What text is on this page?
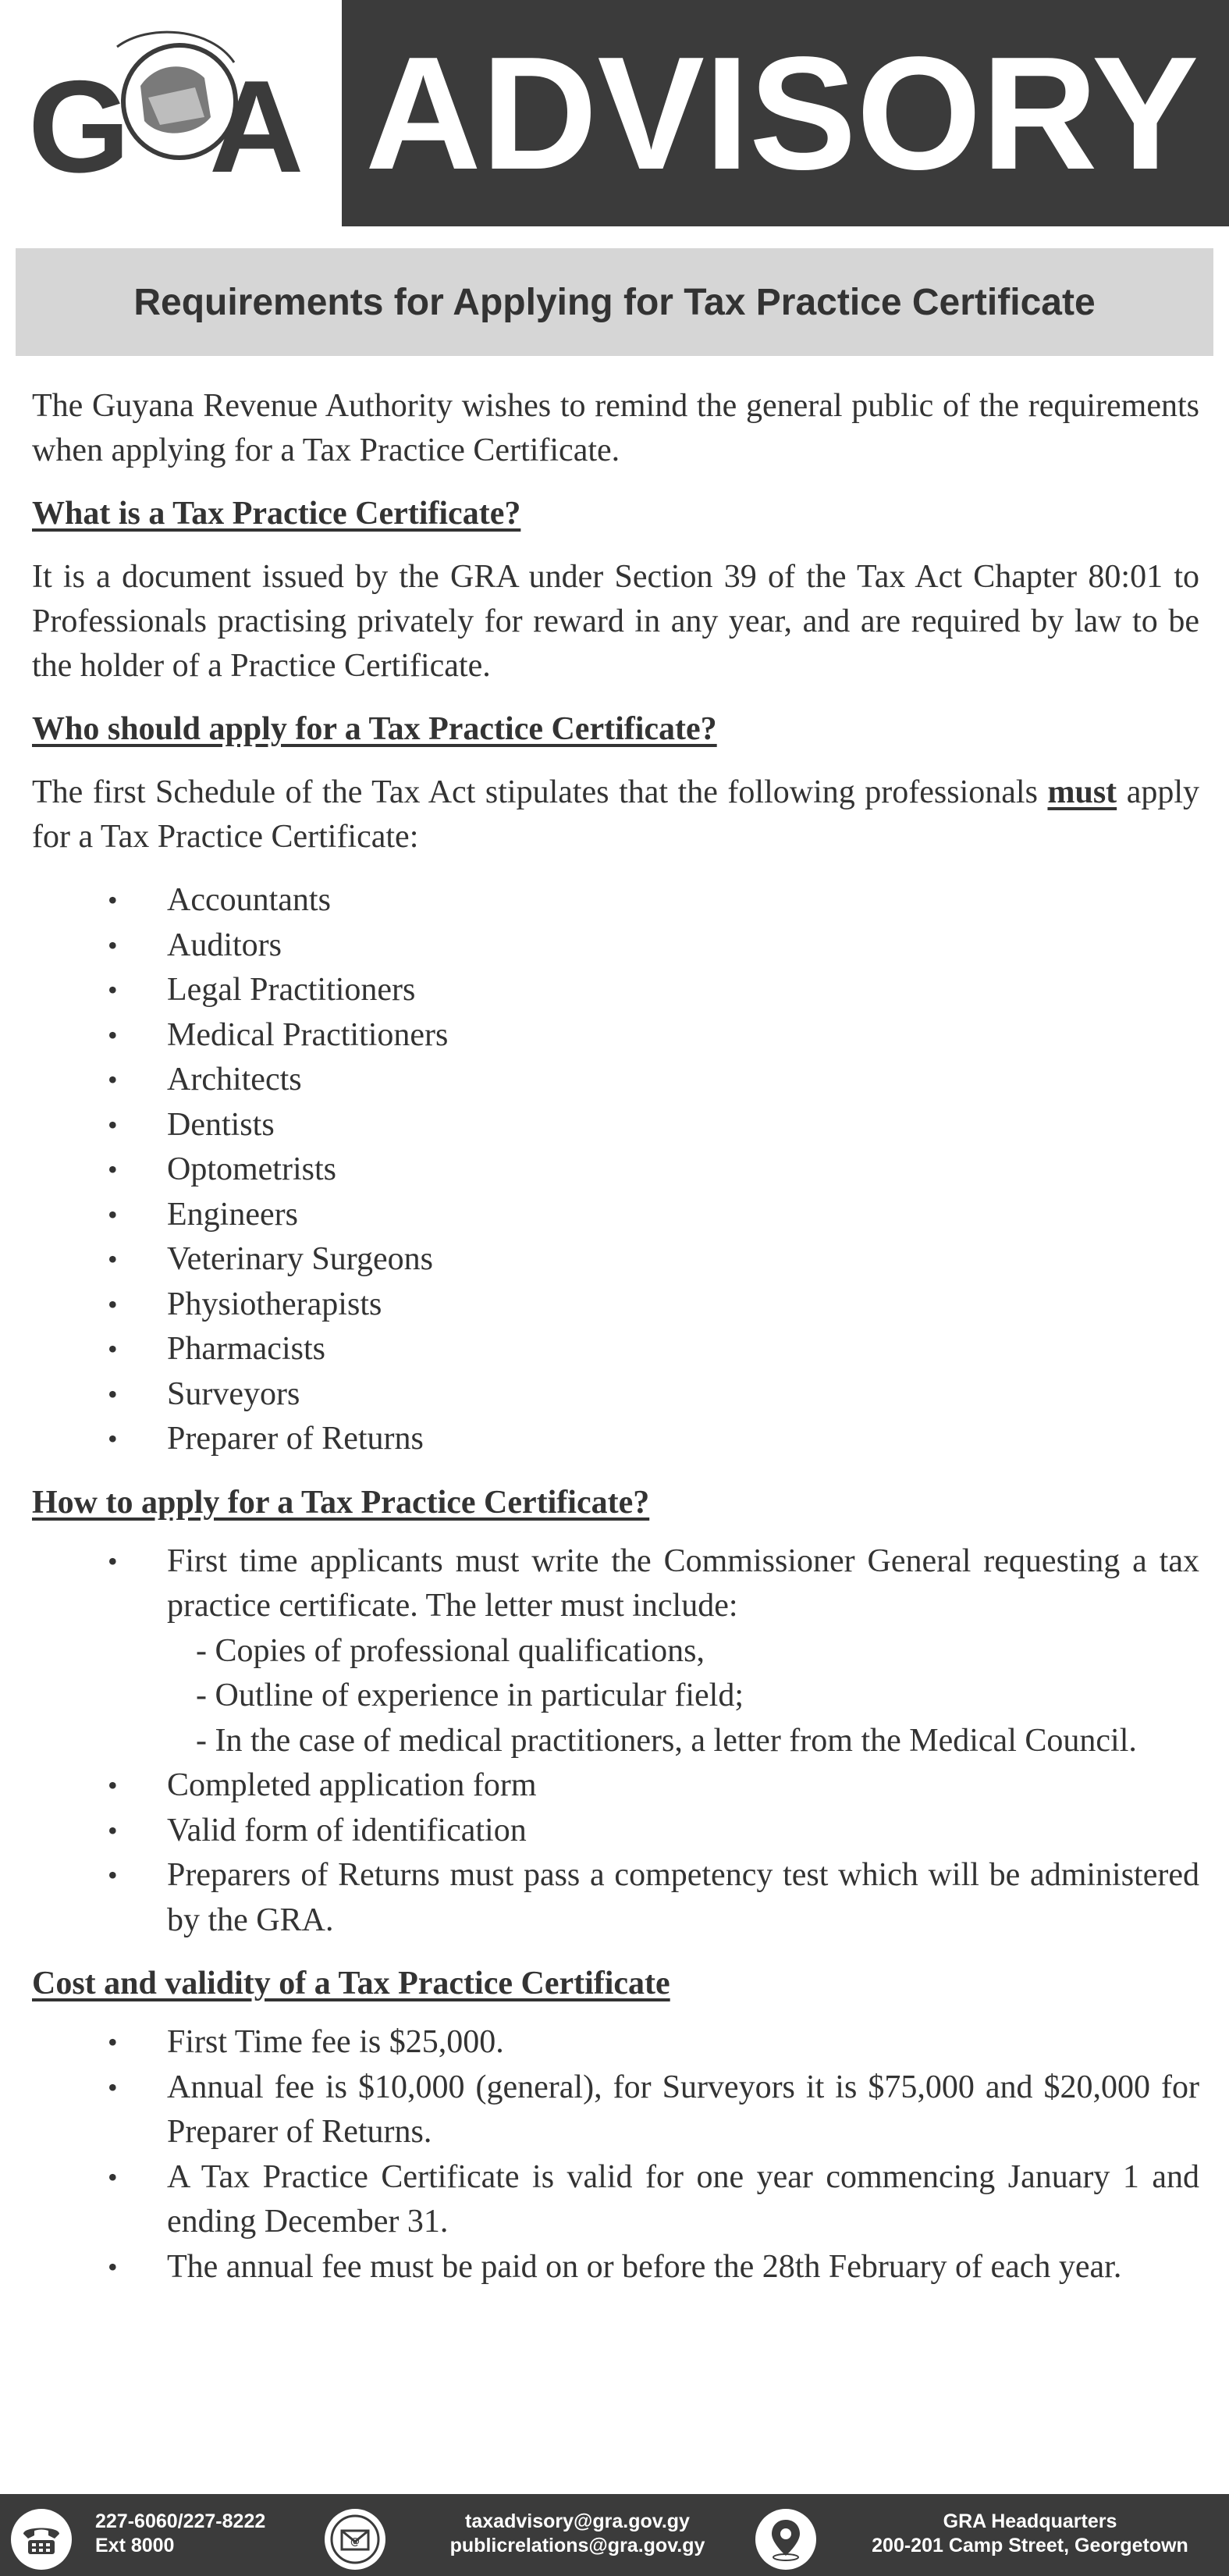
G A ADVISORY
Requirements for Applying for Tax Practice Certificate

The Guyana Revenue Authority wishes to remind the general public of the requirements when applying for a Tax Practice Certificate.

What is a Tax Practice Certificate?

It is a document issued by the GRA under Section 39 of the Tax Act Chapter 80:01 to Professionals practising privately for reward in any year, and are required by law to be the holder of a Practice Certificate.

Who should apply for a Tax Practice Certificate?

The first Schedule of the Tax Act stipulates that the following professionals must apply for a Tax Practice Certificate:

• Accountants
• Auditors
• Legal Practitioners
• Medical Practitioners
• Architects
• Dentists
• Optometrists
• Engineers
• Veterinary Surgeons
• Physiotherapists
• Pharmacists
• Surveyors
• Preparer of Returns
How to apply for a Tax Practice Certificate?
• First time applicants must write the Commissioner General requesting a tax practice certificate. The letter must include:
- Copies of professional qualifications,
- Outline of experience in particular field;
- In the case of medical practitioners, a letter from the Medical Council.
• Completed application form
• Valid form of identification
• Preparers of Returns must pass a competency test which will be administered by the GRA.
Cost and validity of a Tax Practice Certificate
• First Time fee is $25,000.
• Annual fee is $10,000 (general), for Surveyors it is $75,000 and $20,000 for Preparer of Returns.
• A Tax Practice Certificate is valid for one year commencing January 1 and ending December 31.
• The annual fee must be paid on or before the 28th February of each year.
227-6060/227-8222
Ext 8000	@
taxadvisory@gra.gov.gy
publicrelations@gra.gov.gy
GRA Headquarters
200-201 Camp Street, Georgetown
